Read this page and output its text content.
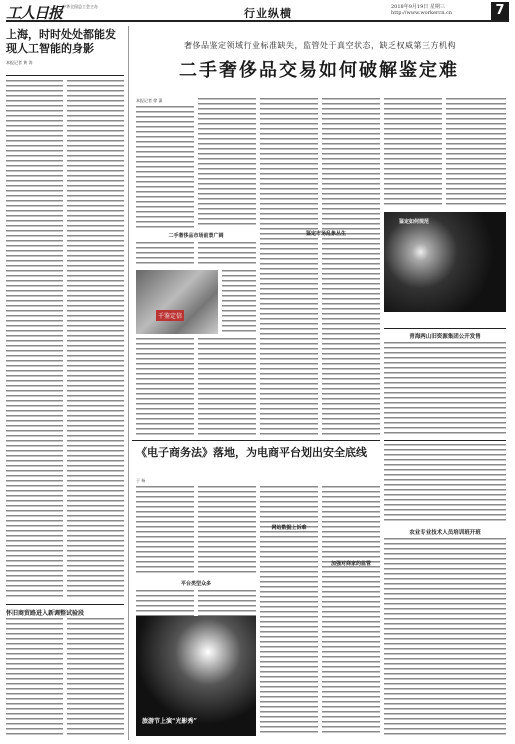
工人日报 中华全国总工会主办
行业纵横	2018年9月19日 星期三
http://www.workercn.cn	7
上海，时时处处都能发现人工智能的身影
本报记者 黄 涛
怀旧商贸路进入新调整试验段
奢侈品鉴定领域行业标准缺失，监管处于真空状态，缺乏权威第三方机构
二手奢侈品交易如何破解鉴定难
本报记者 徐 潇
二手奢侈品市场前景广阔
千鉴定信
鉴定市场乱象丛生
鉴定如何规范
青海两山旧资源集团公开发售
《电子商务法》落地，为电商平台划出安全底线
于 杨
平台类型众多
网站数据上诉难
加强对商家的监管
农业专业技术人员培训班开班
旅游节上演“光影秀”
